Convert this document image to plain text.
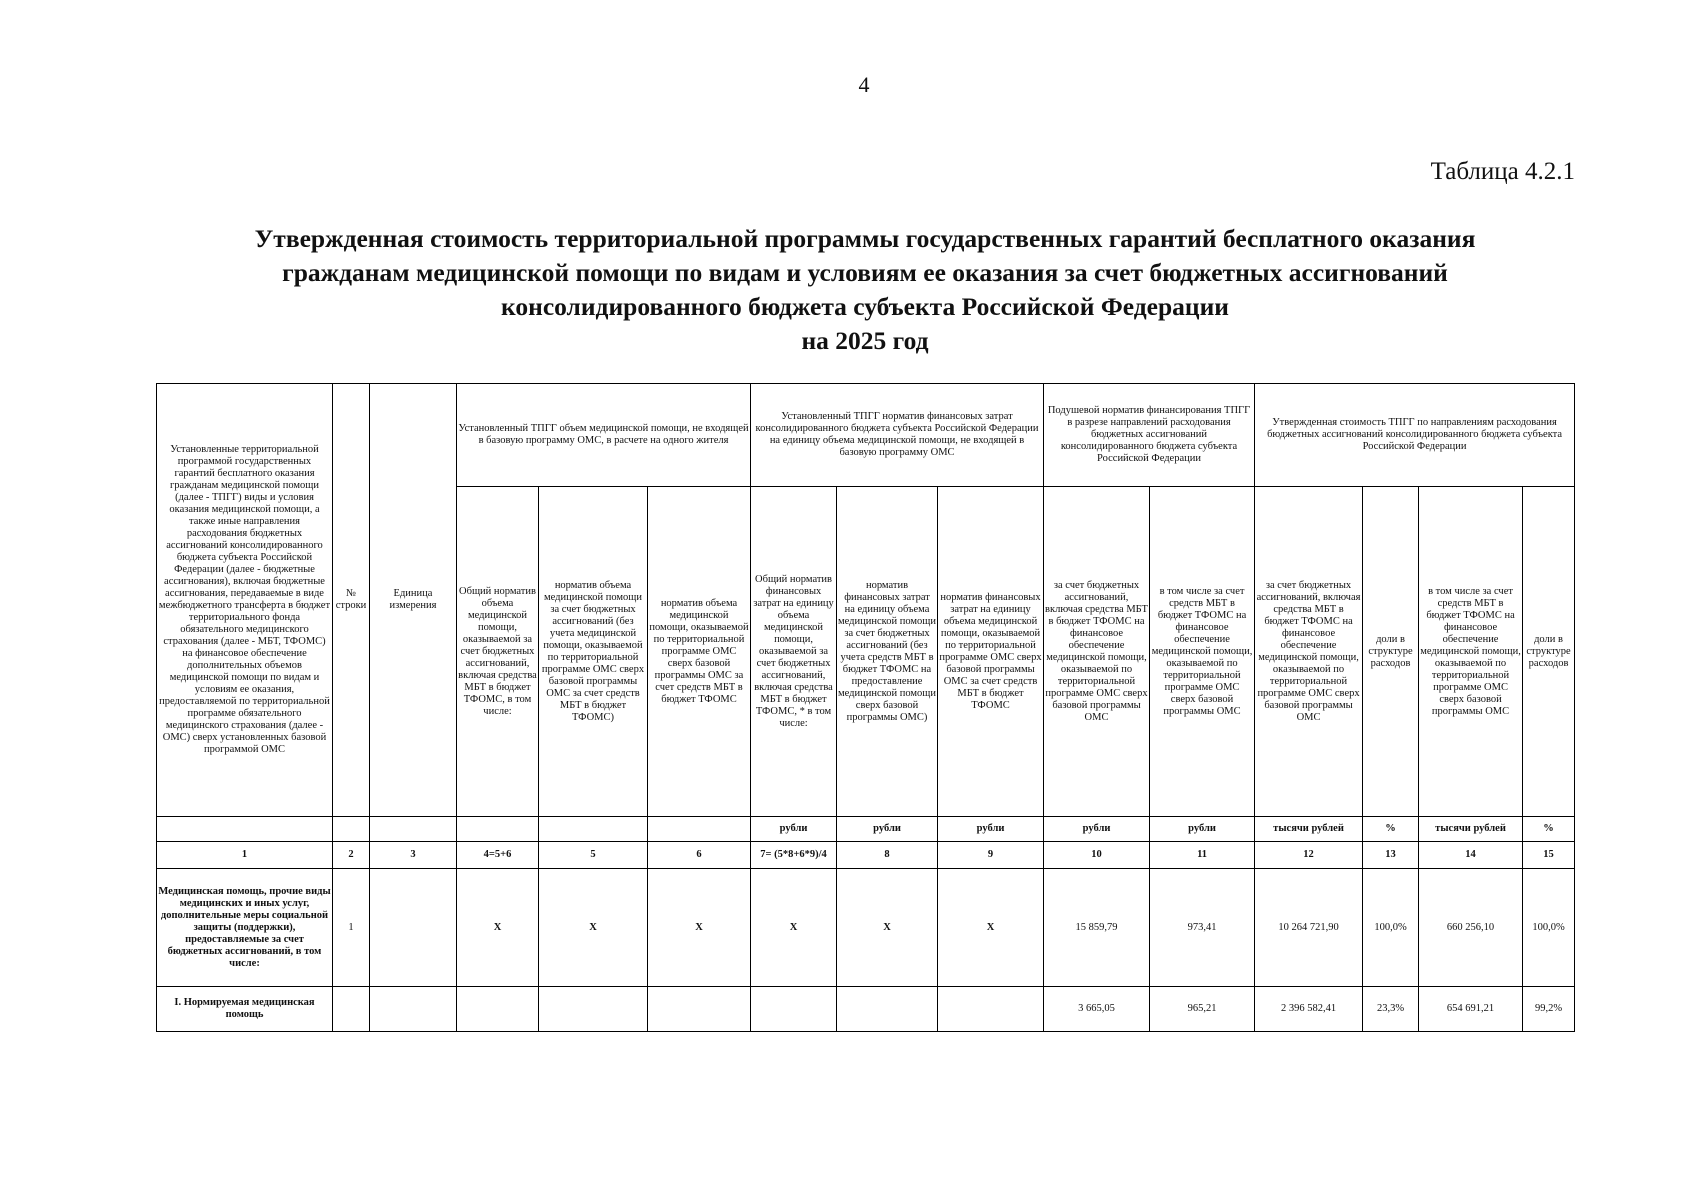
4
Таблица 4.2.1
Утвержденная стоимость территориальной программы государственных гарантий бесплатного оказания
гражданам медицинской помощи по видам и условиям ее оказания за счет бюджетных ассигнований
консолидированного бюджета субъекта Российской Федерации
на 2025 год
Установленные территориальной программой государственных гарантий бесплатного оказания гражданам медицинской помощи (далее - ТПГГ) виды и условия оказания медицинской помощи, а также иные направления расходования бюджетных ассигнований консолидированного бюджета субъекта Российской Федерации (далее - бюджетные ассигнования), включая бюджетные ассигнования, передаваемые в виде межбюджетного трансферта в бюджет территориального фонда обязательного медицинского страхования (далее - МБТ, ТФОМС) на финансовое обеспечение дополнительных объемов медицинской помощи по видам и условиям ее оказания, предоставляемой по территориальной программе обязательного медицинского страхования (далее - ОМС) сверх установленных базовой программой ОМС	№ строки	Единица измерения	Установленный ТПГГ объем медицинской помощи, не входящей в базовую программу ОМС, в расчете на одного жителя			Установленный ТПГГ норматив финансовых затрат консолидированного бюджета субъекта Российской Федерации на единицу объема медицинской помощи, не входящей в базовую программу ОМС			Подушевой норматив финансирования ТПГГ в разрезе направлений расходования бюджетных ассигнований консолидированного бюджета субъекта Российской Федерации		Утвержденная стоимость ТПГГ по направлениям расходования бюджетных ассигнований консолидированного бюджета субъекта Российской Федерации			
			Общий норматив объема медицинской помощи, оказываемой за счет бюджетных ассигнований, включая средства МБТ в бюджет ТФОМС, в том числе:	норматив объема медицинской помощи за счет бюджетных ассигнований (без учета медицинской помощи, оказываемой по территориальной программе ОМС сверх базовой программы ОМС за счет средств МБТ в бюджет ТФОМС)	норматив объема медицинской помощи, оказываемой по территориальной программе ОМС сверх базовой программы ОМС за счет средств МБТ в бюджет ТФОМС	Общий норматив финансовых затрат на единицу объема медицинской помощи, оказываемой за счет бюджетных ассигнований, включая средства МБТ в бюджет ТФОМС, * в том числе:	норматив финансовых затрат на единицу объема медицинской помощи за счет бюджетных ассигнований (без учета средств МБТ в бюджет ТФОМС на предоставление медицинской помощи сверх базовой программы ОМС)	норматив финансовых затрат на единицу объема медицинской помощи, оказываемой по территориальной программе ОМС сверх базовой программы ОМС за счет средств МБТ в бюджет ТФОМС	за счет бюджетных ассигнований, включая средства МБТ в бюджет ТФОМС на финансовое обеспечение медицинской помощи, оказываемой по территориальной программе ОМС сверх базовой программы ОМС	в том числе за счет средств МБТ в бюджет ТФОМС на финансовое обеспечение медицинской помощи, оказываемой по территориальной программе ОМС сверх базовой программы ОМС	за счет бюджетных ассигнований, включая средства МБТ в бюджет ТФОМС на финансовое обеспечение медицинской помощи, оказываемой по территориальной программе ОМС сверх базовой программы ОМС	доли в структуре расходов	в том числе за счет средств МБТ в бюджет ТФОМС на финансовое обеспечение медицинской помощи, оказываемой по территориальной программе ОМС сверх базовой программы ОМС	доли в структуре расходов
						рубли	рубли	рубли	рубли	рубли	тысячи рублей	%	тысячи рублей	%
1	2	3	4=5+6	5	6	7= (5*8+6*9)/4	8	9	10	11	12	13	14	15
Медицинская помощь, прочие виды медицинских и иных услуг, дополнительные меры социальной защиты (поддержки), предоставляемые за счет бюджетных ассигнований, в том числе:	1		Х	Х	Х	Х	Х	Х	15 859,79	973,41	10 264 721,90	100,0%	660 256,10	100,0%
I. Нормируемая медицинская помощь									3 665,05	965,21	2 396 582,41	23,3%	654 691,21	99,2%
